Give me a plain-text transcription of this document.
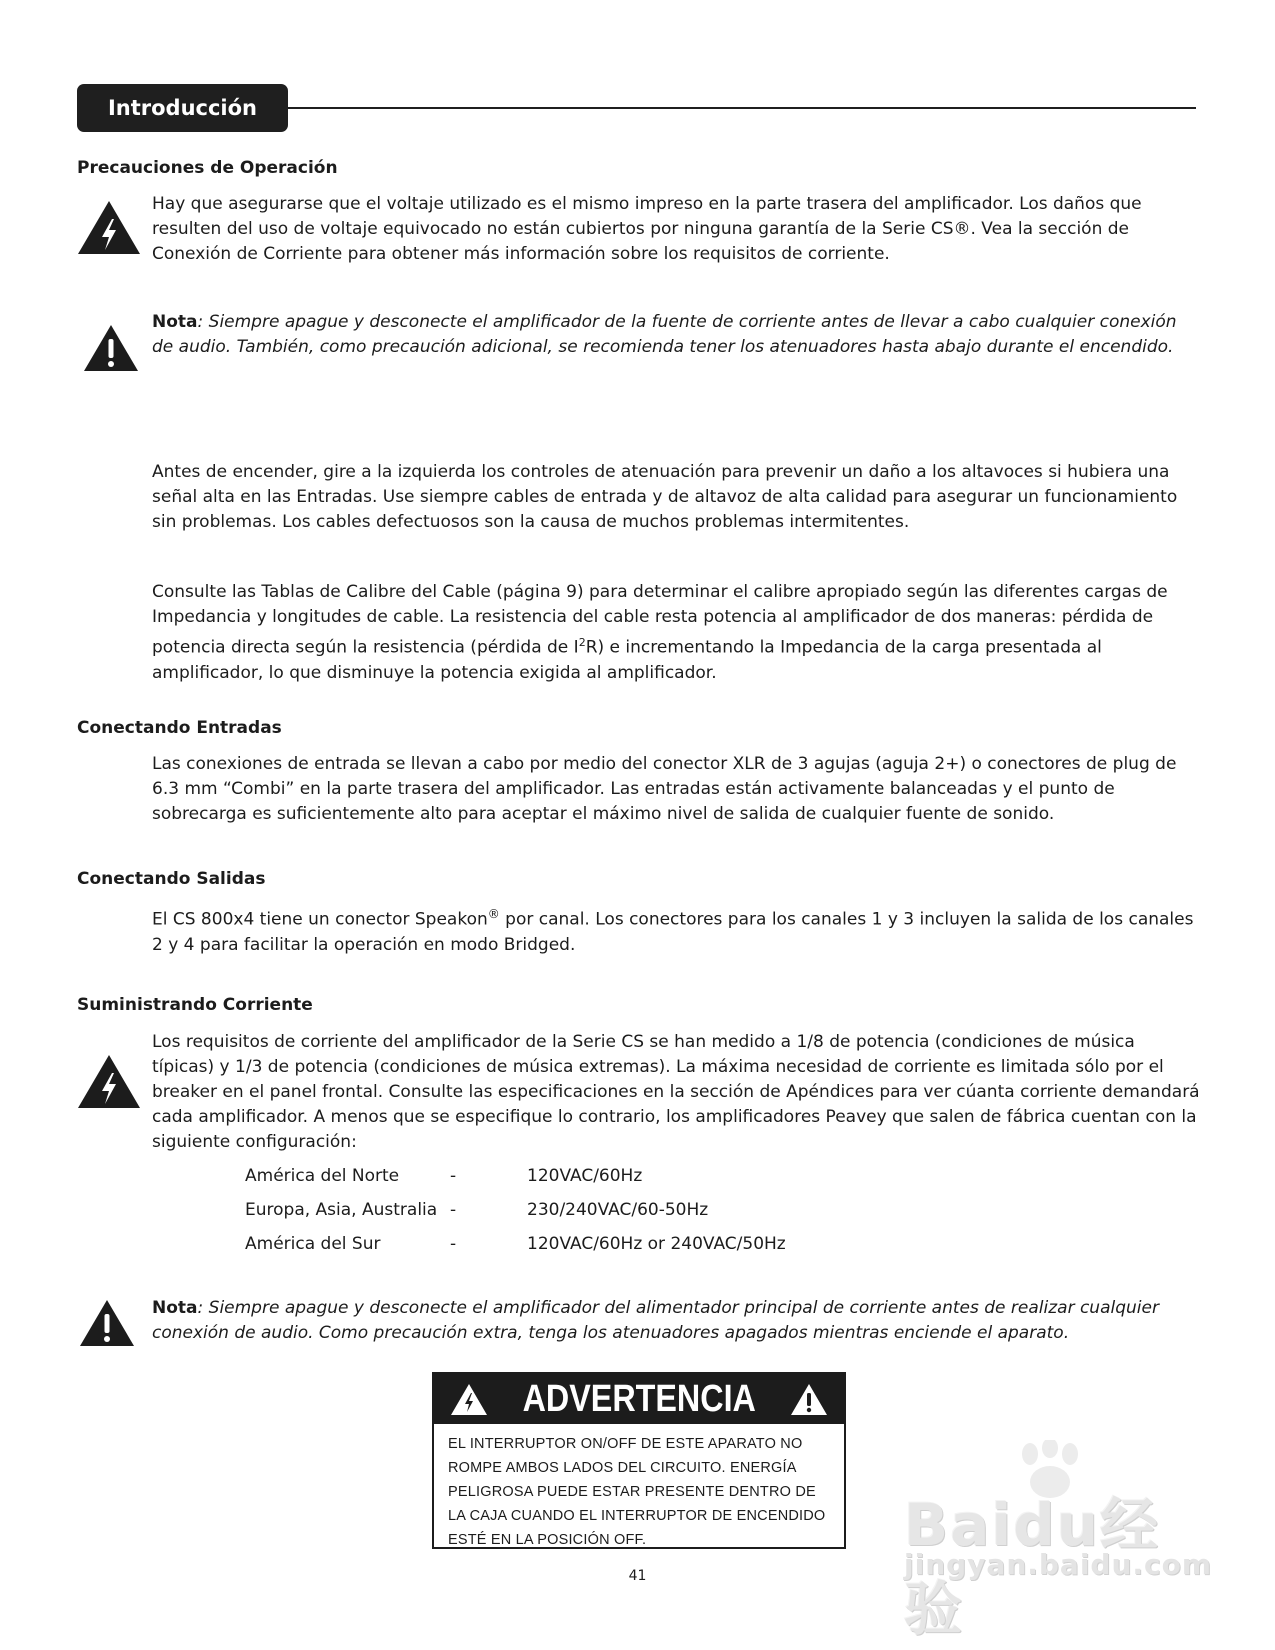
Introducción
Precauciones de Operación

Hay que asegurarse que el voltaje utilizado es el mismo impreso en la parte trasera del amplificador. Los daños que resulten del uso de voltaje equivocado no están cubiertos por ninguna garantía de la Serie CS®. Vea la sección de Conexión de Corriente para obtener más información sobre los requisitos de corriente.

Nota: Siempre apague y desconecte el amplificador de la fuente de corriente antes de llevar a cabo cualquier conexión de audio. También, como precaución adicional, se recomienda tener los atenuadores hasta abajo durante el encendido.

Antes de encender, gire a la izquierda los controles de atenuación para prevenir un daño a los altavoces si hubiera una señal alta en las Entradas. Use siempre cables de entrada y de altavoz de alta calidad para asegurar un funcionamiento sin problemas. Los cables defectuosos son la causa de muchos problemas intermitentes.

Consulte las Tablas de Calibre del Cable (página 9) para determinar el calibre apropiado según las diferentes cargas de Impedancia y longitudes de cable. La resistencia del cable resta potencia al amplificador de dos maneras: pérdida de potencia directa según la resistencia (pérdida de $I^2R$) e incrementando la Impedancia de la carga presentada al amplificador, lo que disminuye la potencia exigida al amplificador.

Conectando Entradas

Las conexiones de entrada se llevan a cabo por medio del conector XLR de 3 agujas (aguja 2+) o conectores de plug de 6.3 mm “Combi” en la parte trasera del amplificador. Las entradas están activamente balanceadas y el punto de sobrecarga es suficientemente alto para aceptar el máximo nivel de salida de cualquier fuente de sonido.

Conectando Salidas

El CS 800x4 tiene un conector Speakon® por canal. Los conectores para los canales 1 y 3 incluyen la salida de los canales 2 y 4 para facilitar la operación en modo Bridged.

Suministrando Corriente

Los requisitos de corriente del amplificador de la Serie CS se han medido a 1/8 de potencia (condiciones de música típicas) y 1/3 de potencia (condiciones de música extremas). La máxima necesidad de corriente es limitada sólo por el breaker en el panel frontal. Consulte las especificaciones en la sección de Apéndices para ver cúanta corriente demandará cada amplificador. A menos que se especifique lo contrario, los amplificadores Peavey que salen de fábrica cuentan con la siguiente configuración:

América del Norte	-	120VAC/60Hz
Europa, Asia, Australia -	230/240VAC/60-50Hz
América del Sur	-	120VAC/60Hz or 240VAC/50Hz

Nota: Siempre apague y desconecte el amplificador del alimentador principal de corriente antes de realizar cualquier conexión de audio. Como precaución extra, tenga los atenuadores apagados mientras enciende el aparato.

ADVERTENCIA
EL INTERRUPTOR ON/OFF DE ESTE APARATO NO ROMPE AMBOS LADOS DEL CIRCUITO. ENERGÍA PELIGROSA PUEDE ESTAR PRESENTE DENTRO DE LA CAJA CUANDO EL INTERRUPTOR DE ENCENDIDO ESTÉ EN LA POSICIÓN OFF.
41
Baidu经验
jingyan.baidu.com
